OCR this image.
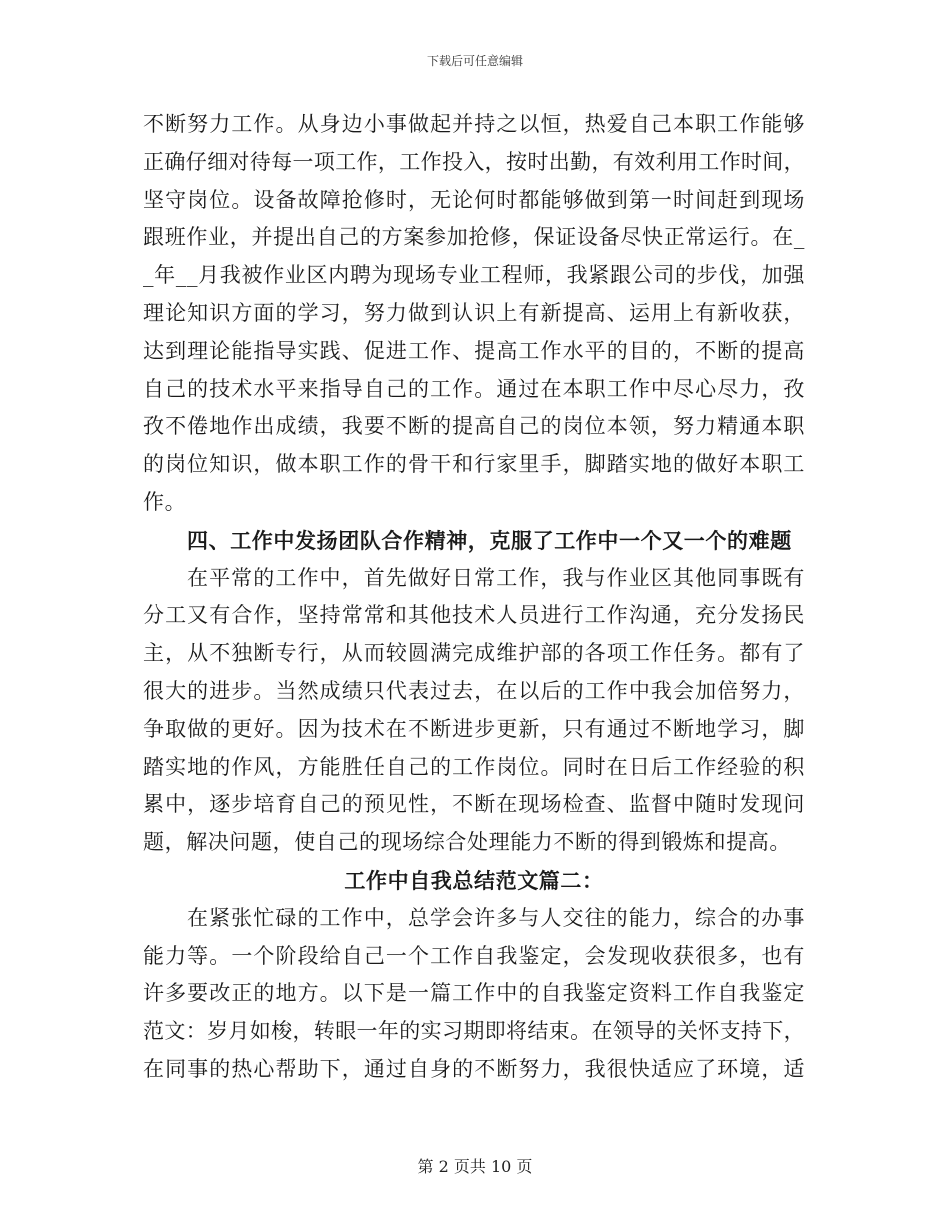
下载后可任意编辑
不断努力工作。从身边小事做起并持之以恒，热爱自己本职工作能够
正确仔细对待每一项工作，工作投入，按时出勤，有效利用工作时间，
坚守岗位。设备故障抢修时，无论何时都能够做到第一时间赶到现场
跟班作业，并提出自己的方案参加抢修，保证设备尽快正常运行。在_
_年__月我被作业区内聘为现场专业工程师，我紧跟公司的步伐，加强
理论知识方面的学习，努力做到认识上有新提高、运用上有新收获，
达到理论能指导实践、促进工作、提高工作水平的目的，不断的提高
自己的技术水平来指导自己的工作。通过在本职工作中尽心尽力，孜
孜不倦地作出成绩，我要不断的提高自己的岗位本领，努力精通本职
的岗位知识，做本职工作的骨干和行家里手，脚踏实地的做好本职工
作。
四、工作中发扬团队合作精神，克服了工作中一个又一个的难题
在平常的工作中，首先做好日常工作，我与作业区其他同事既有
分工又有合作，坚持常常和其他技术人员进行工作沟通，充分发扬民
主，从不独断专行，从而较圆满完成维护部的各项工作任务。都有了
很大的进步。当然成绩只代表过去，在以后的工作中我会加倍努力，
争取做的更好。因为技术在不断进步更新，只有通过不断地学习，脚
踏实地的作风，方能胜任自己的工作岗位。同时在日后工作经验的积
累中，逐步培育自己的预见性，不断在现场检查、监督中随时发现问
题，解决问题，使自己的现场综合处理能力不断的得到锻炼和提高。
工作中自我总结范文篇二：
在紧张忙碌的工作中，总学会许多与人交往的能力，综合的办事
能力等。一个阶段给自己一个工作自我鉴定，会发现收获很多，也有
许多要改正的地方。以下是一篇工作中的自我鉴定资料工作自我鉴定
范文：岁月如梭，转眼一年的实习期即将结束。在领导的关怀支持下，
在同事的热心帮助下，通过自身的不断努力，我很快适应了环境，适
第 2 页共 10 页
